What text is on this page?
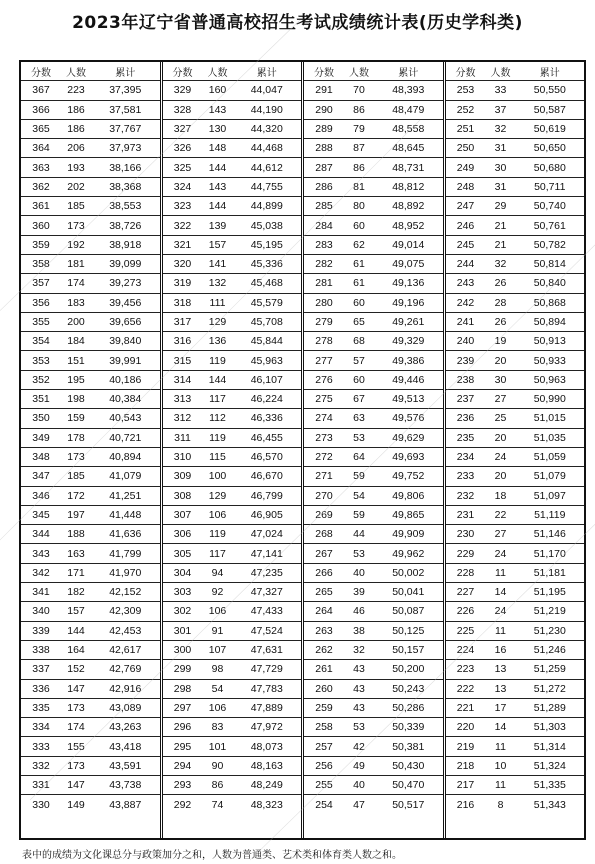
2023年辽宁省普通高校招生考试成绩统计表(历史学科类)
分数	人数	累计
367	223	37,395
366	186	37,581
365	186	37,767
364	206	37,973
363	193	38,166
362	202	38,368
361	185	38,553
360	173	38,726
359	192	38,918
358	181	39,099
357	174	39,273
356	183	39,456
355	200	39,656
354	184	39,840
353	151	39,991
352	195	40,186
351	198	40,384
350	159	40,543
349	178	40,721
348	173	40,894
347	185	41,079
346	172	41,251
345	197	41,448
344	188	41,636
343	163	41,799
342	171	41,970
341	182	42,152
340	157	42,309
339	144	42,453
338	164	42,617
337	152	42,769
336	147	42,916
335	173	43,089
334	174	43,263
333	155	43,418
332	173	43,591
331	147	43,738
330	149	43,887
分数	人数	累计
329	160	44,047
328	143	44,190
327	130	44,320
326	148	44,468
325	144	44,612
324	143	44,755
323	144	44,899
322	139	45,038
321	157	45,195
320	141	45,336
319	132	45,468
318	111	45,579
317	129	45,708
316	136	45,844
315	119	45,963
314	144	46,107
313	117	46,224
312	112	46,336
311	119	46,455
310	115	46,570
309	100	46,670
308	129	46,799
307	106	46,905
306	119	47,024
305	117	47,141
304	94	47,235
303	92	47,327
302	106	47,433
301	91	47,524
300	107	47,631
299	98	47,729
298	54	47,783
297	106	47,889
296	83	47,972
295	101	48,073
294	90	48,163
293	86	48,249
292	74	48,323
分数	人数	累计
291	70	48,393
290	86	48,479
289	79	48,558
288	87	48,645
287	86	48,731
286	81	48,812
285	80	48,892
284	60	48,952
283	62	49,014
282	61	49,075
281	61	49,136
280	60	49,196
279	65	49,261
278	68	49,329
277	57	49,386
276	60	49,446
275	67	49,513
274	63	49,576
273	53	49,629
272	64	49,693
271	59	49,752
270	54	49,806
269	59	49,865
268	44	49,909
267	53	49,962
266	40	50,002
265	39	50,041
264	46	50,087
263	38	50,125
262	32	50,157
261	43	50,200
260	43	50,243
259	43	50,286
258	53	50,339
257	42	50,381
256	49	50,430
255	40	50,470
254	47	50,517
分数	人数	累计
253	33	50,550
252	37	50,587
251	32	50,619
250	31	50,650
249	30	50,680
248	31	50,711
247	29	50,740
246	21	50,761
245	21	50,782
244	32	50,814
243	26	50,840
242	28	50,868
241	26	50,894
240	19	50,913
239	20	50,933
238	30	50,963
237	27	50,990
236	25	51,015
235	20	51,035
234	24	51,059
233	20	51,079
232	18	51,097
231	22	51,119
230	27	51,146
229	24	51,170
228	11	51,181
227	14	51,195
226	24	51,219
225	11	51,230
224	16	51,246
223	13	51,259
222	13	51,272
221	17	51,289
220	14	51,303
219	11	51,314
218	10	51,324
217	11	51,335
216	8	51,343
表中的成绩为文化课总分与政策加分之和，人数为普通类、艺术类和体育类人数之和。
